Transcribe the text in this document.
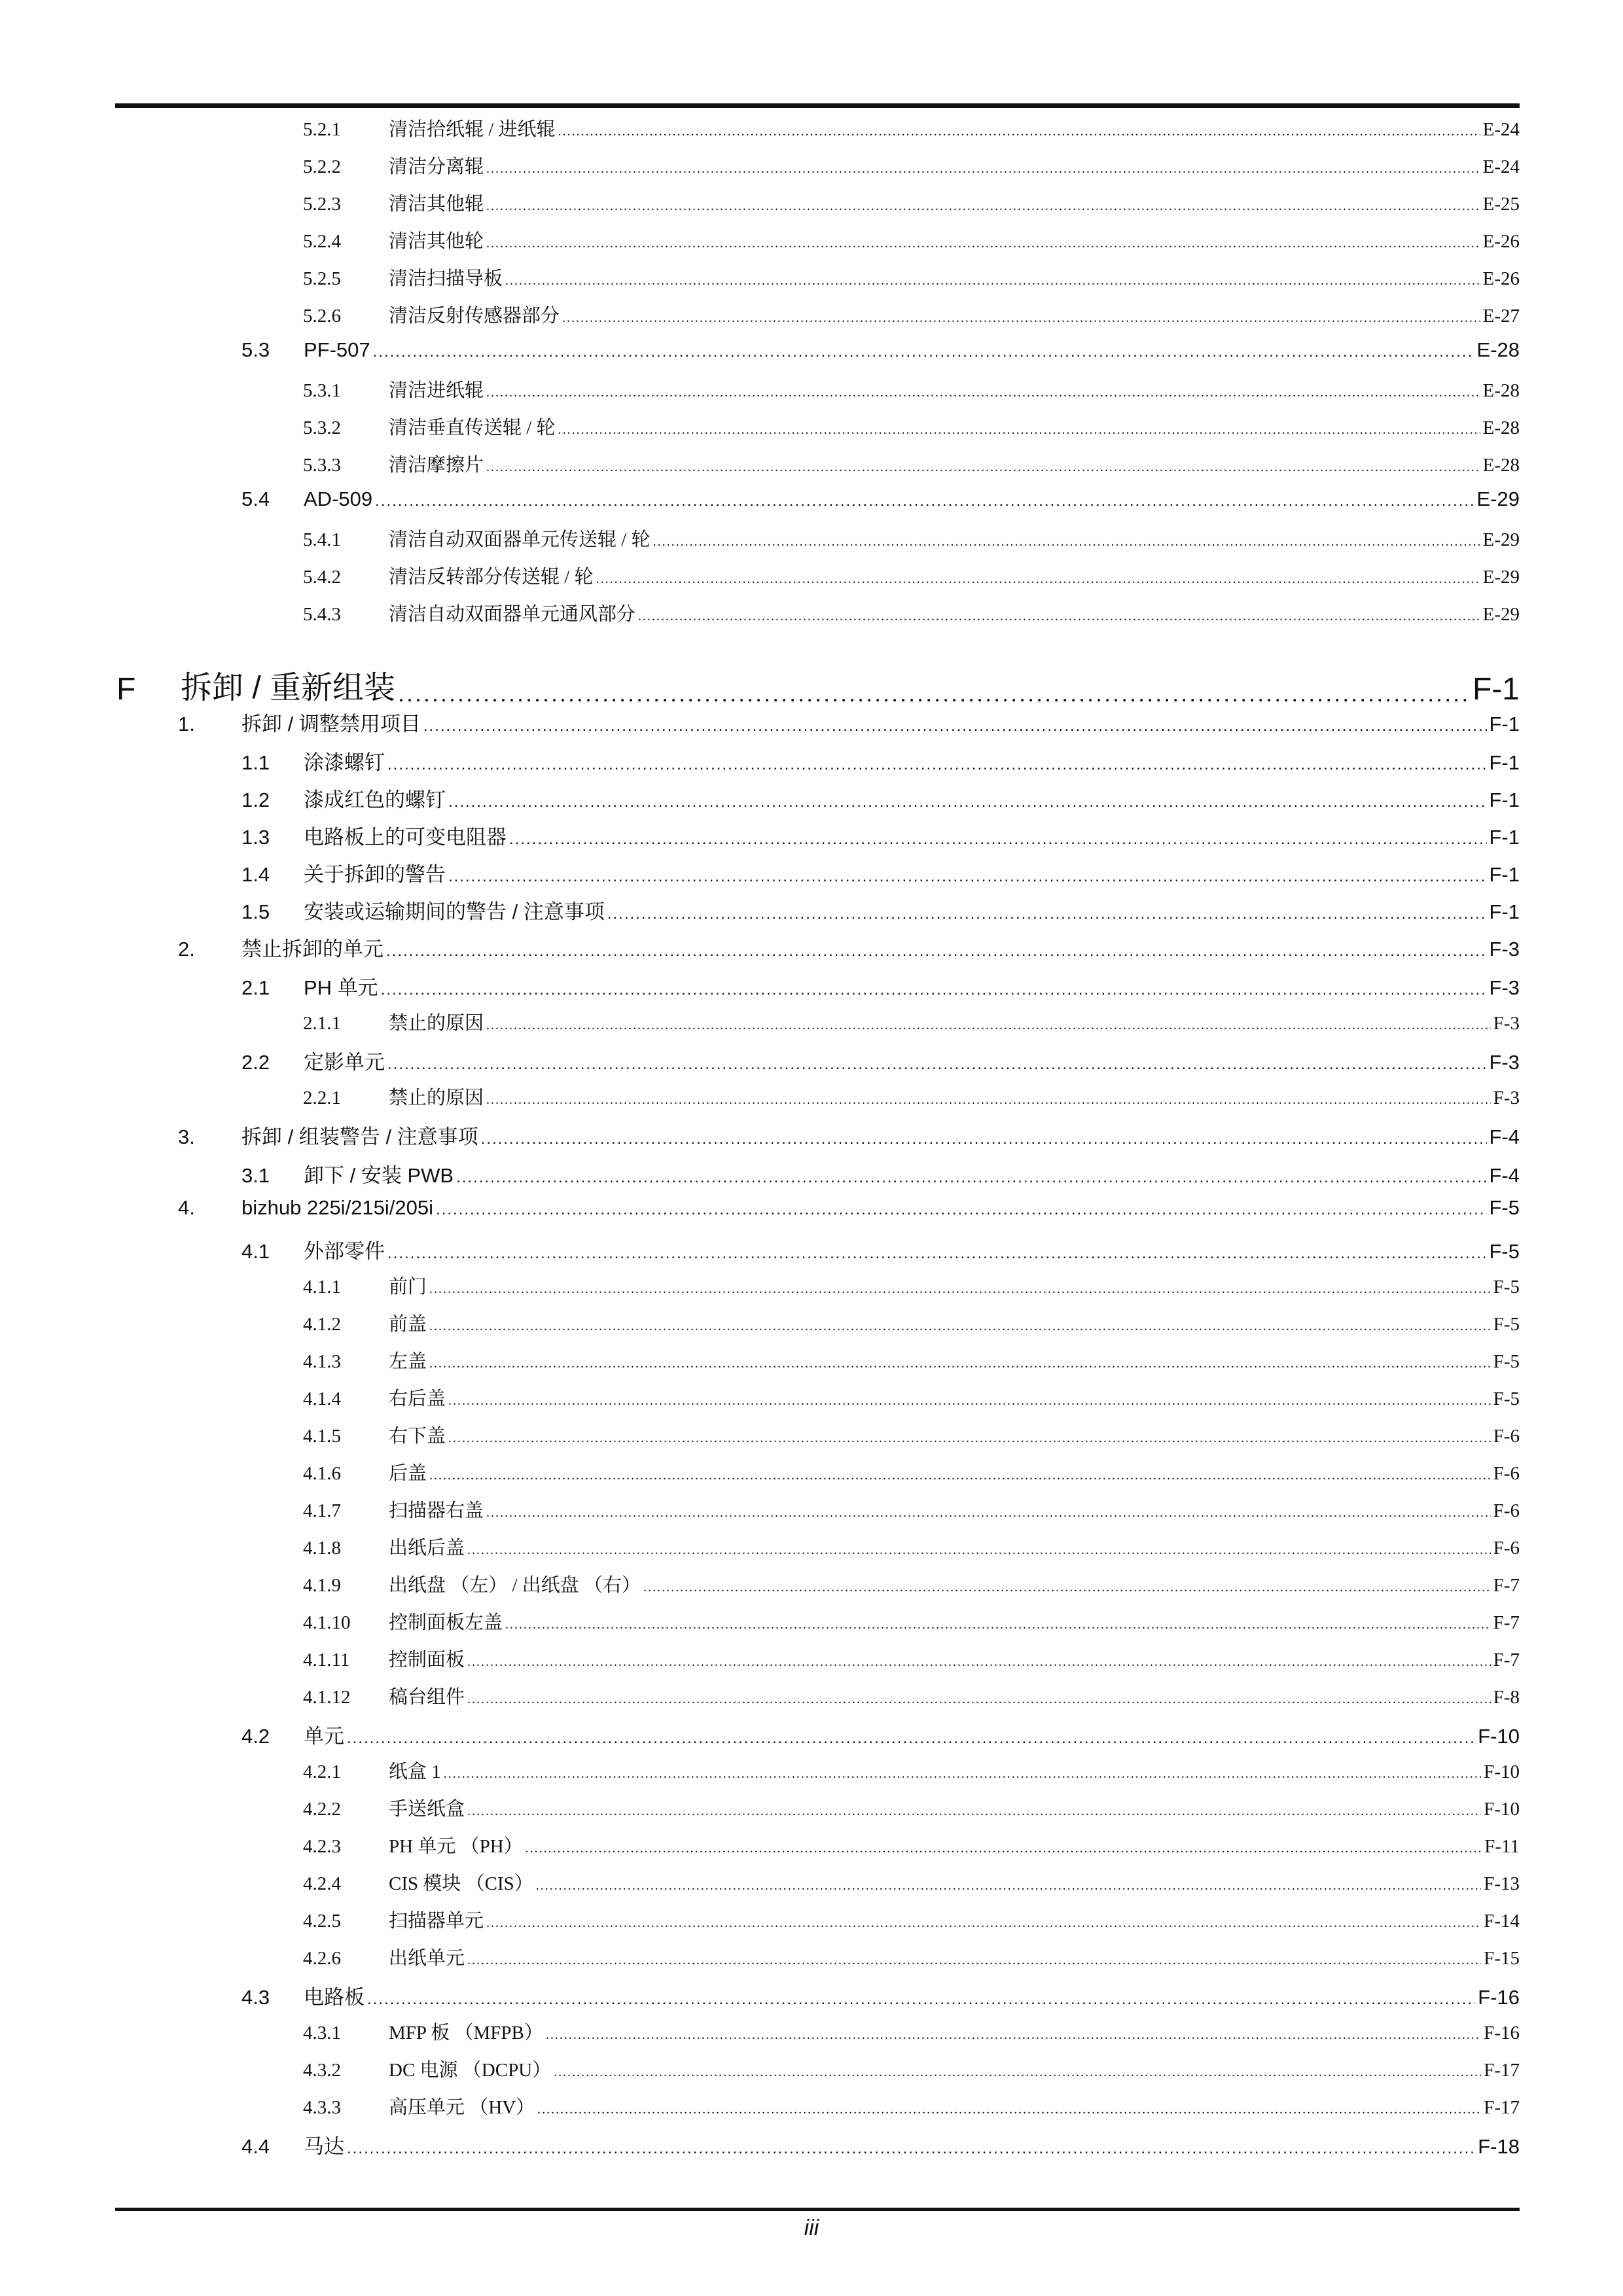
5.2.1	清洁拾纸辊 / 进纸辊 .....	E-24
5.2.2	清洁分离辊 .....	E-24
5.2.3	清洁其他辊 .....	E-25
5.2.4	清洁其他轮 .....	E-26
5.2.5	清洁扫描导板 .....	E-26
5.2.6	清洁反射传感器部分 .....	E-27
5.3	PF-507 .....	E-28
5.3.1	清洁进纸辊 .....	E-28
5.3.2	清洁垂直传送辊 / 轮 .....	E-28
5.3.3	清洁摩擦片 .....	E-28
5.4	AD-509 .....	E-29
5.4.1	清洁自动双面器单元传送辊 / 轮 .....	E-29
5.4.2	清洁反转部分传送辊 / 轮 .....	E-29
5.4.3	清洁自动双面器单元通风部分 .....	E-29
F	拆卸 / 重新组装 .....	F-1
1.	拆卸 / 调整禁用项目 .....	F-1
1.1	涂漆螺钉 .....	F-1
1.2	漆成红色的螺钉 .....	F-1
1.3	电路板上的可变电阻器 .....	F-1
1.4	关于拆卸的警告 .....	F-1
1.5	安装或运输期间的警告 / 注意事项 .....	F-1
2.	禁止拆卸的单元 .....	F-3
2.1	PH 单元 .....	F-3
2.1.1	禁止的原因 .....	F-3
2.2	定影单元 .....	F-3
2.2.1	禁止的原因 .....	F-3
3.	拆卸 / 组装警告 / 注意事项 .....	F-4
3.1	卸下 / 安装 PWB .....	F-4
4.	bizhub 225i/215i/205i .....	F-5
4.1	外部零件 .....	F-5
4.1.1	前门 .....	F-5
4.1.2	前盖 .....	F-5
4.1.3	左盖 .....	F-5
4.1.4	右后盖 .....	F-5
4.1.5	右下盖 .....	F-6
4.1.6	后盖 .....	F-6
4.1.7	扫描器右盖 .....	F-6
4.1.8	出纸后盖 .....	F-6
4.1.9	出纸盘 （左） / 出纸盘 （右） .....	F-7
4.1.10	控制面板左盖 .....	F-7
4.1.11	控制面板 .....	F-7
4.1.12	稿台组件 .....	F-8
4.2	单元 .....	F-10
4.2.1	纸盒 1 .....	F-10
4.2.2	手送纸盒 .....	F-10
4.2.3	PH 单元 （PH） .....	F-11
4.2.4	CIS 模块 （CIS） .....	F-13
4.2.5	扫描器单元 .....	F-14
4.2.6	出纸单元 .....	F-15
4.3	电路板 .....	F-16
4.3.1	MFP 板 （MFPB） .....	F-16
4.3.2	DC 电源 （DCPU） .....	F-17
4.3.3	高压单元 （HV） .....	F-17
4.4	马达 .....	F-18
iii
